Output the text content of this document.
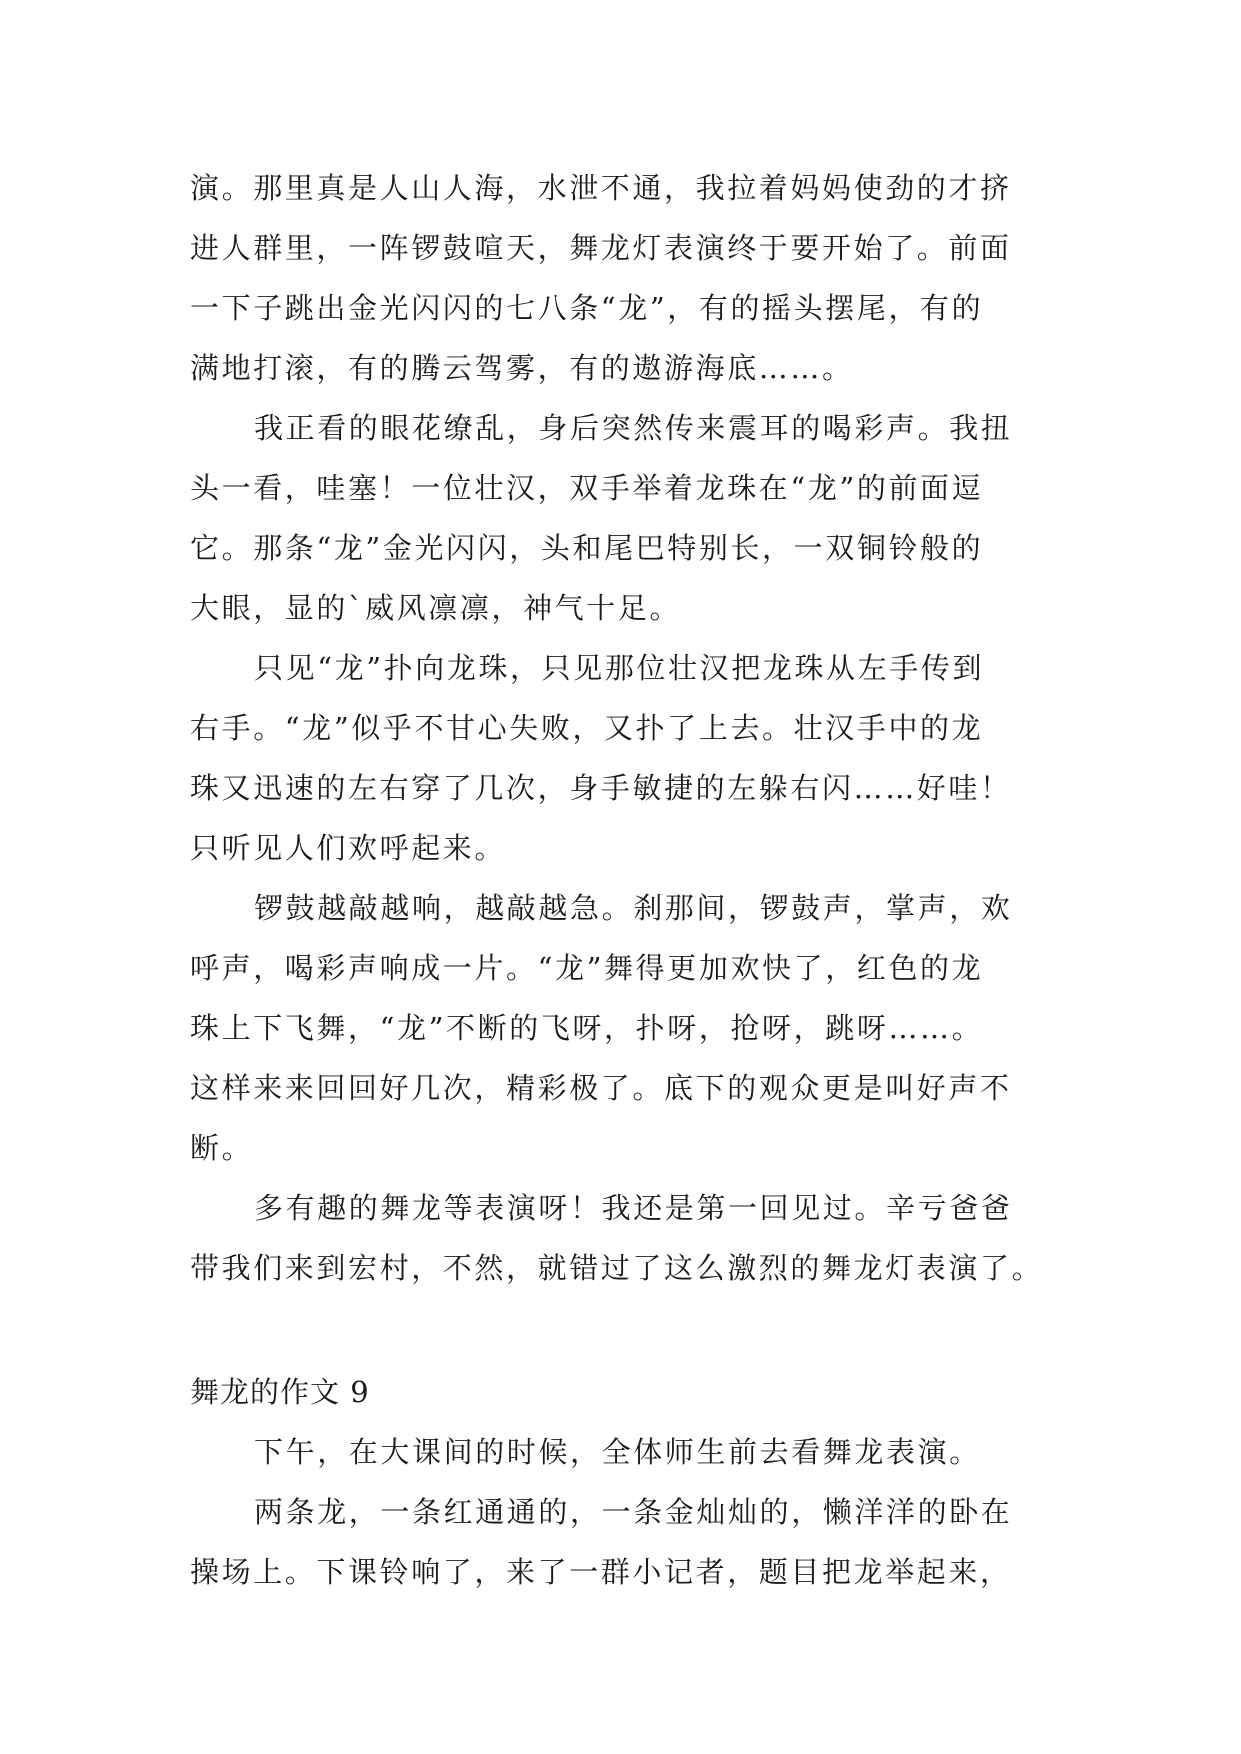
演。那里真是人山人海，水泄不通，我拉着妈妈使劲的才挤
进人群里，一阵锣鼓喧天，舞龙灯表演终于要开始了。前面
一下子跳出金光闪闪的七八条“龙”，有的摇头摆尾，有的
满地打滚，有的腾云驾雾，有的遨游海底……。

我正看的眼花缭乱，身后突然传来震耳的喝彩声。我扭
头一看，哇塞！一位壮汉，双手举着龙珠在“龙”的前面逗
它。那条“龙”金光闪闪，头和尾巴特别长，一双铜铃般的
大眼，显的`威风凛凛，神气十足。

只见“龙”扑向龙珠，只见那位壮汉把龙珠从左手传到
右手。“龙”似乎不甘心失败，又扑了上去。壮汉手中的龙
珠又迅速的左右穿了几次，身手敏捷的左躲右闪……好哇！
只听见人们欢呼起来。

锣鼓越敲越响，越敲越急。刹那间，锣鼓声，掌声，欢
呼声，喝彩声响成一片。“龙”舞得更加欢快了，红色的龙
珠上下飞舞，“龙”不断的飞呀，扑呀，抢呀，跳呀……。
这样来来回回好几次，精彩极了。底下的观众更是叫好声不
断。

多有趣的舞龙等表演呀！我还是第一回见过。辛亏爸爸
带我们来到宏村，不然，就错过了这么激烈的舞龙灯表演了。

舞龙的作文 9

下午，在大课间的时候，全体师生前去看舞龙表演。

两条龙，一条红通通的，一条金灿灿的，懒洋洋的卧在
操场上。下课铃响了，来了一群小记者，题目把龙举起来，
